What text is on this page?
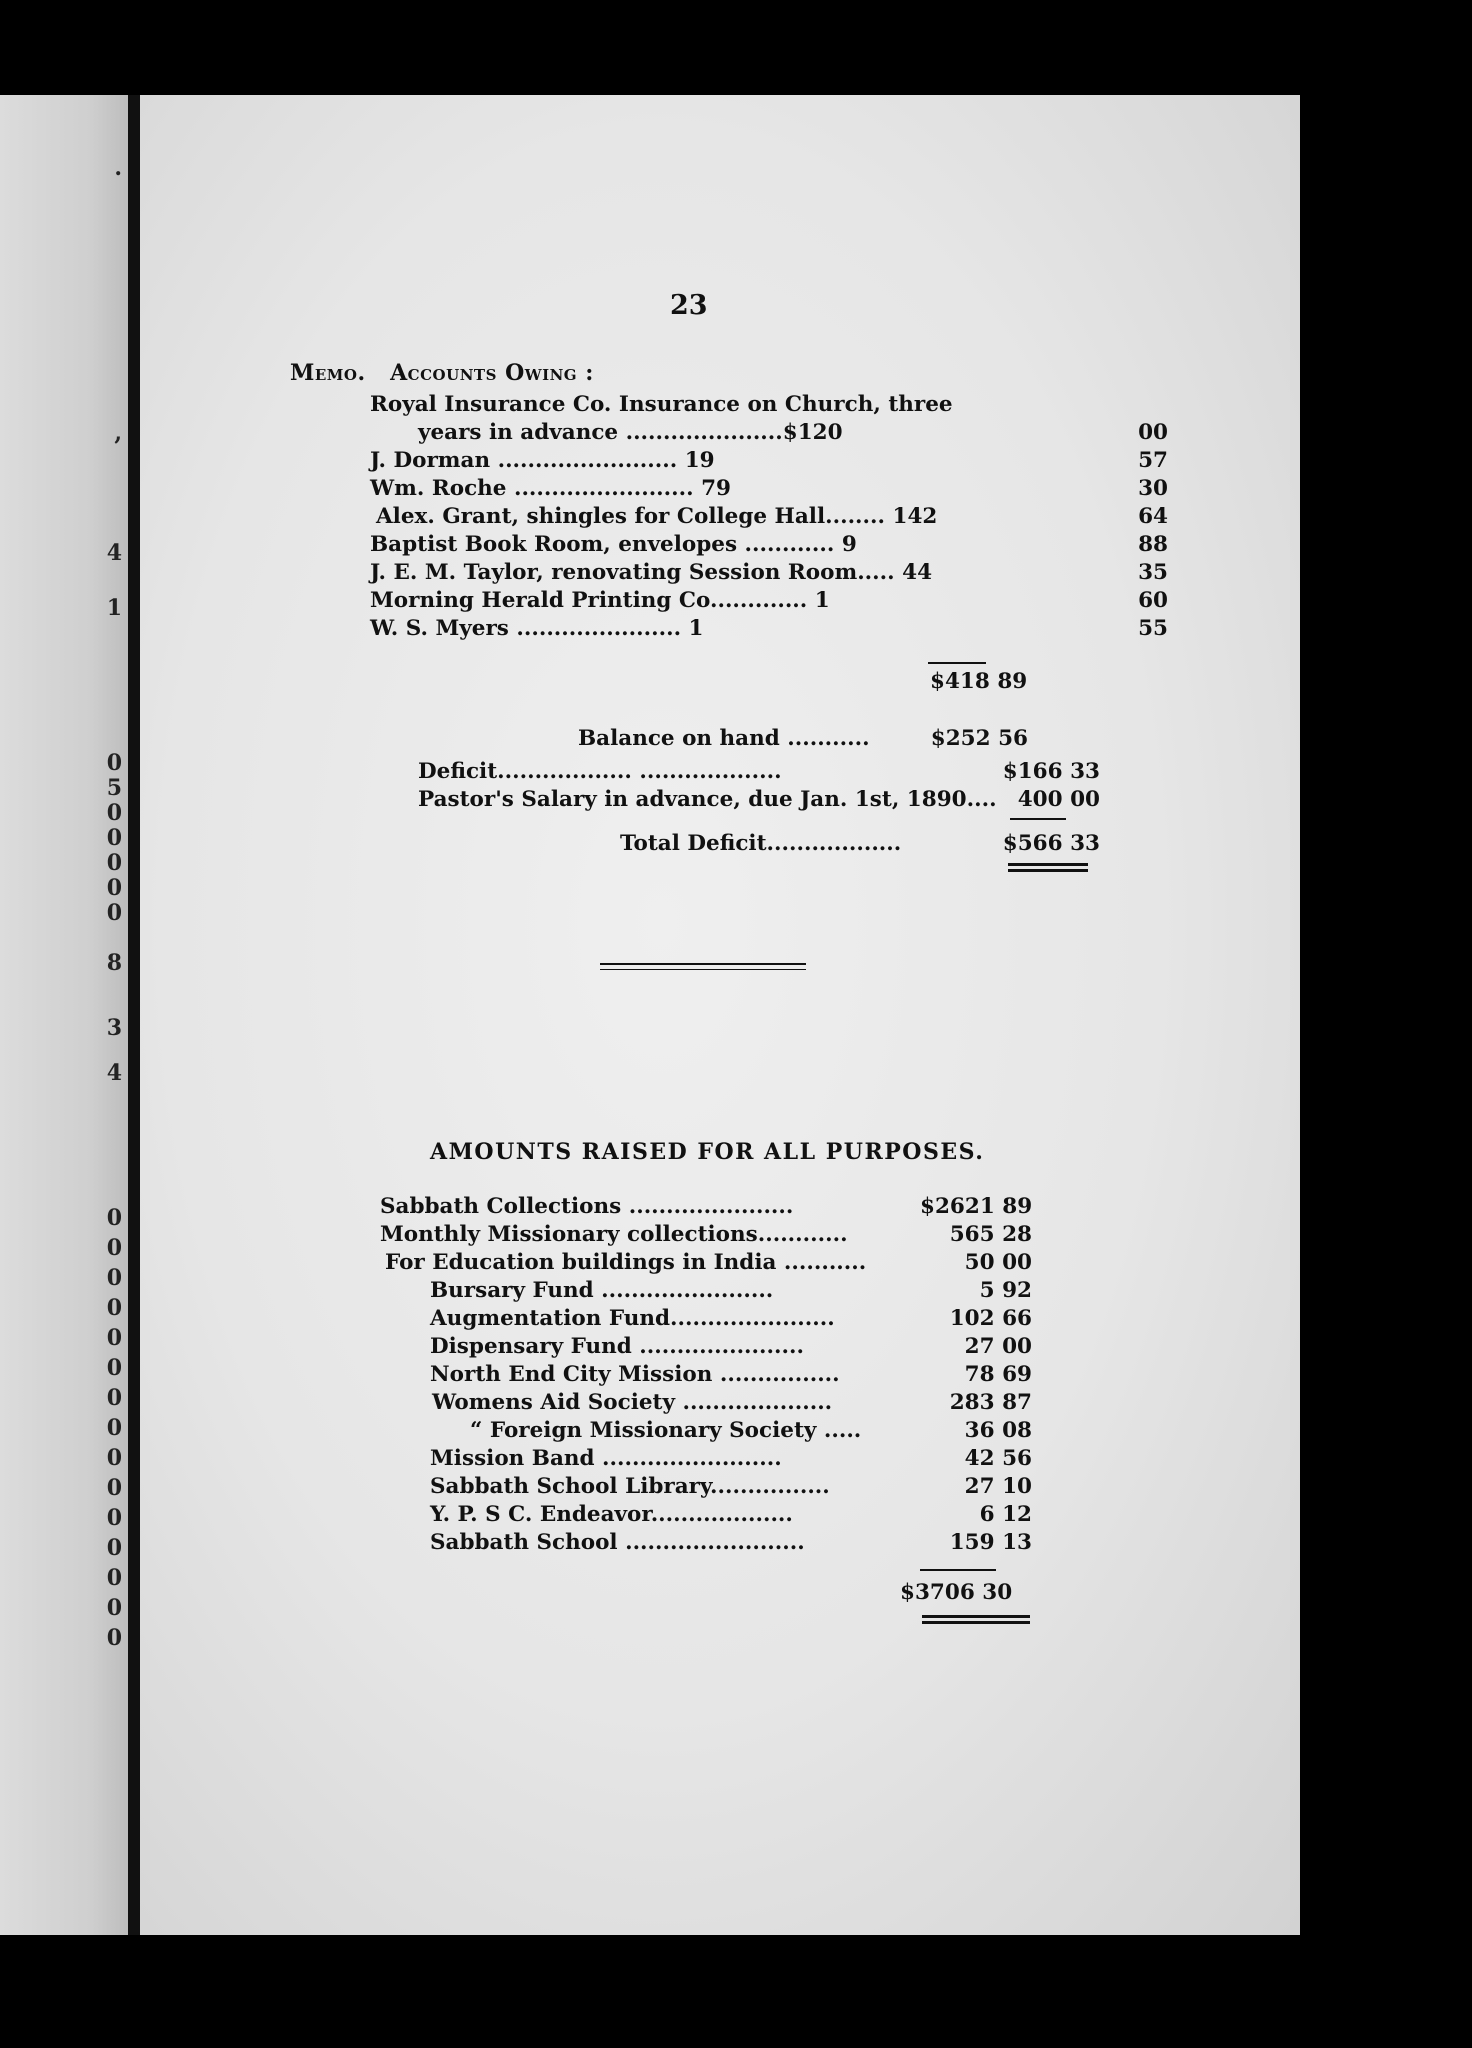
.
,
4
1
0
5
0
0
0
0
0
8
3
4
0
0
0
0
0
0
0
0
0
0
0
0
0
0
0
23
Memo. Accounts Owing :
Royal Insurance Co. Insurance on Church, three
years in advance .....................$120	00
J. Dorman ........................ 19	57
Wm. Roche ........................ 79	30
Alex. Grant, shingles for College Hall........ 142	64
Baptist Book Room, envelopes ............ 9	88
J. E. M. Taylor, renovating Session Room..... 44	35
Morning Herald Printing Co............. 1	60
W. S. Myers ...................... 1	55
$418 89
Balance on hand ...........	$252 56
Deficit.................. ...................	$166 33
Pastor's Salary in advance, due Jan. 1st, 1890.... 400 00
Total Deficit..................	$566 33
AMOUNTS RAISED FOR ALL PURPOSES.
Sabbath Collections ......................	$2621 89
Monthly Missionary collections............	565 28
For Education buildings in India ...........	50 00
Bursary Fund .......................	5 92
Augmentation Fund......................	102 66
Dispensary Fund ......................	27 00
North End City Mission ................	78 69
Womens Aid Society ....................	283 87
“ Foreign Missionary Society .....	36 08
Mission Band ........................	42 56
Sabbath School Library................	27 10
Y. P. S C. Endeavor...................	6 12
Sabbath School ........................	159 13
$3706 30
